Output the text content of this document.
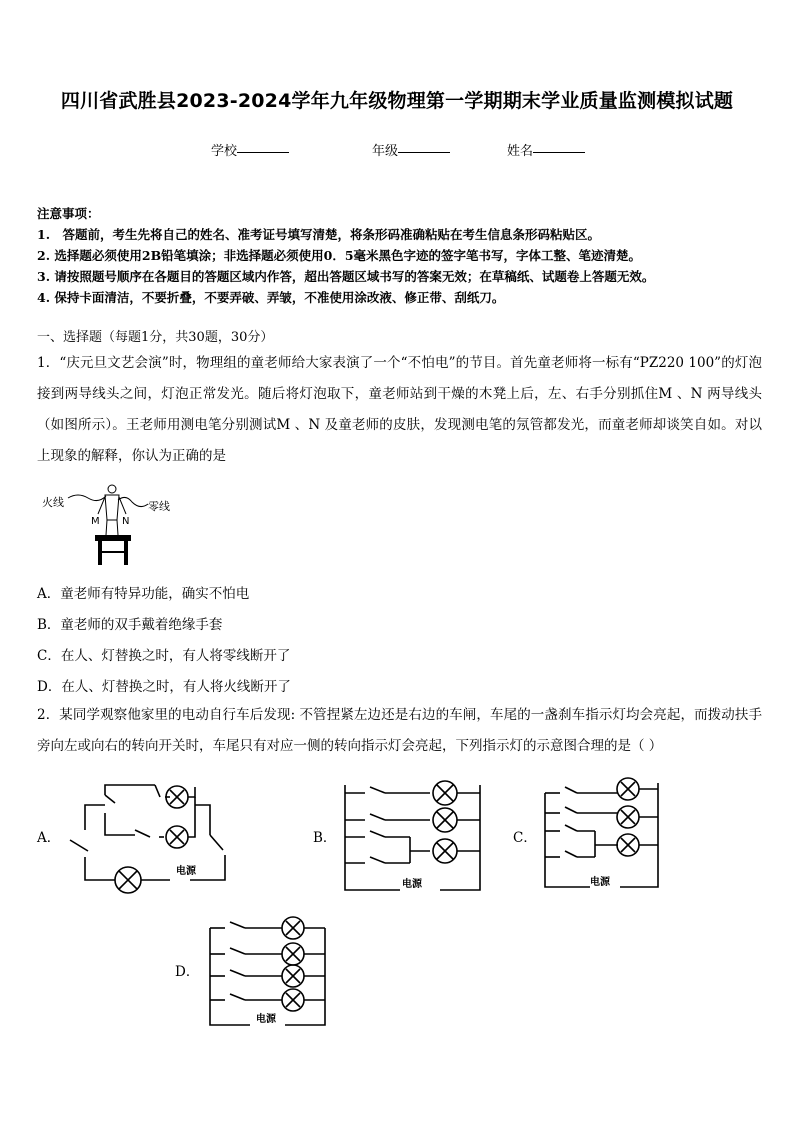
四川省武胜县2023-2024学年九年级物理第一学期期末学业质量监测模拟试题
学校	年级	姓名
注意事项：
1.　答题前，考生先将自己的姓名、准考证号填写清楚，将条形码准确粘贴在考生信息条形码粘贴区。
2. 选择题必须使用2B铅笔填涂；非选择题必须使用0．5毫米黑色字迹的签字笔书写，字体工整、笔迹清楚。
3. 请按照题号顺序在各题目的答题区域内作答，超出答题区域书写的答案无效；在草稿纸、试题卷上答题无效。
4. 保持卡面清洁，不要折叠，不要弄破、弄皱，不准使用涂改液、修正带、刮纸刀。
一、选择题（每题1分，共30题，30分）
1．“庆元旦文艺会演”时，物理组的童老师给大家表演了一个“不怕电”的节目。首先童老师将一标有“PZ220 100”的灯泡接到两导线头之间，灯泡正常发光。随后将灯泡取下，童老师站到干燥的木凳上后，左、右手分别抓住M 、N 两导线头（如图所示）。王老师用测电笔分别测试M 、N 及童老师的皮肤，发现测电笔的氖管都发光，而童老师却谈笑自如。对以上现象的解释，你认为正确的是
火线	零线
M N
A．童老师有特异功能，确实不怕电
B．童老师的双手戴着绝缘手套
C．在人、灯替换之时，有人将零线断开了
D．在人、灯替换之时，有人将火线断开了
2．某同学观察他家里的电动自行车后发现: 不管捏紧左边还是右边的车闸，车尾的一盏刹车指示灯均会亮起，而拨动扶手旁向左或向右的转向开关时，车尾只有对应一侧的转向指示灯会亮起，下列指示灯的示意图合理的是（ ）
A．	B．	C．
D．
电源
电源	电源
电源
